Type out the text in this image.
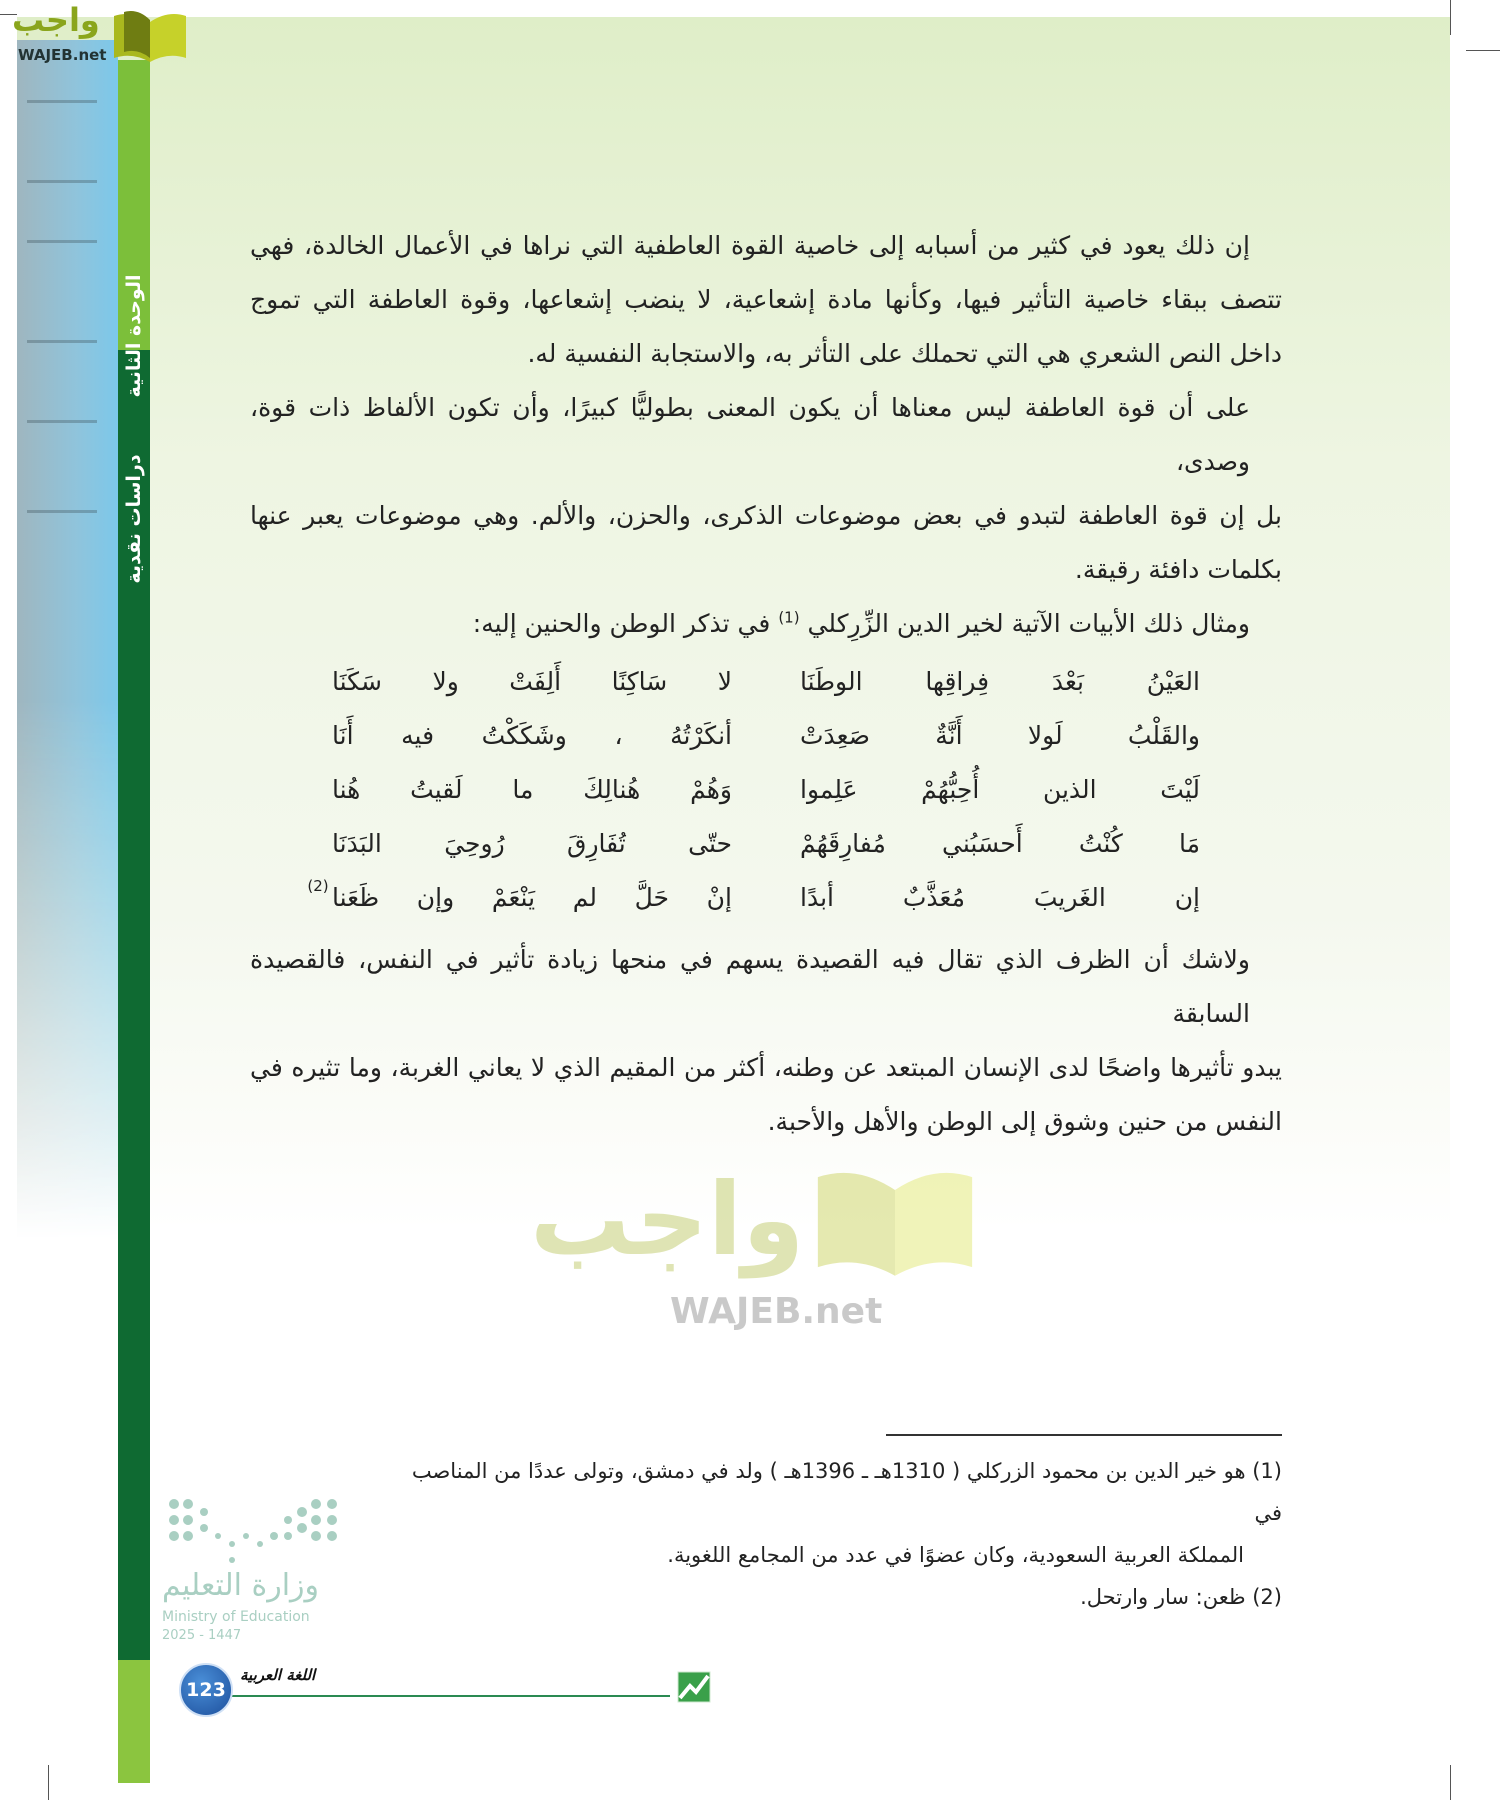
الوحدة الثانية
دراسات نقدية
واجب
WAJEB.net
واجب
WAJEB.net
إن ذلك يعود في كثير من أسبابه إلى خاصية القوة العاطفية التي نراها في الأعمال الخالدة، فهي
تتصف ببقاء خاصية التأثير فيها، وكأنها مادة إشعاعية، لا ينضب إشعاعها، وقوة العاطفة التي تموج
داخل النص الشعري هي التي تحملك على التأثر به، والاستجابة النفسية له.
على أن قوة العاطفة ليس معناها أن يكون المعنى بطوليًّا كبيرًا، وأن تكون الألفاظ ذات قوة، وصدى،
بل إن قوة العاطفة لتبدو في بعض موضوعات الذكرى، والحزن، والألم. وهي موضوعات يعبر عنها
بكلمات دافئة رقيقة.
ومثال ذلك الأبيات الآتية لخير الدين الزِّرِكلي $^{(1)}$ في تذكر الوطن والحنين إليه:
العَيْنُ بَعْدَ فِراقِها الوطَنَا
لا سَاكِنًا أَلِفَتْ ولا سَكَنَا
والقَلْبُ لَولا أَنَّةٌ صَعِدَتْ
أنكَرْتُهُ ، وشَكَكْتُ فيه أَنَا
لَيْتَ الذين أُحِبُّهُمْ عَلِموا
وَهُمْ هُنالِكَ ما لَقيتُ هُنا
مَا كُنْتُ أَحسَبُني مُفارِقَهُمْ
حتّى تُفَارِقَ رُوحِيَ البَدَنَا
إن الغَريبَ مُعَذَّبٌ أبدًا
إنْ حَلَّ لم يَنْعَمْ وإن ظَعَنا
(2)
ولاشك أن الظرف الذي تقال فيه القصيدة يسهم في منحها زيادة تأثير في النفس، فالقصيدة السابقة
يبدو تأثيرها واضحًا لدى الإنسان المبتعد عن وطنه، أكثر من المقيم الذي لا يعاني الغربة، وما تثيره في
النفس من حنين وشوق إلى الوطن والأهل والأحبة.
(1) هو خير الدين بن محمود الزركلي ( 1310هـ ـ 1396هـ ) ولد في دمشق، وتولى عددًا من المناصب في
المملكة العربية السعودية، وكان عضوًا في عدد من المجامع اللغوية.
(2) ظعن: سار وارتحل.
وزارة التعليم
Ministry of Education
2025 - 1447
123
اللغة العربية
